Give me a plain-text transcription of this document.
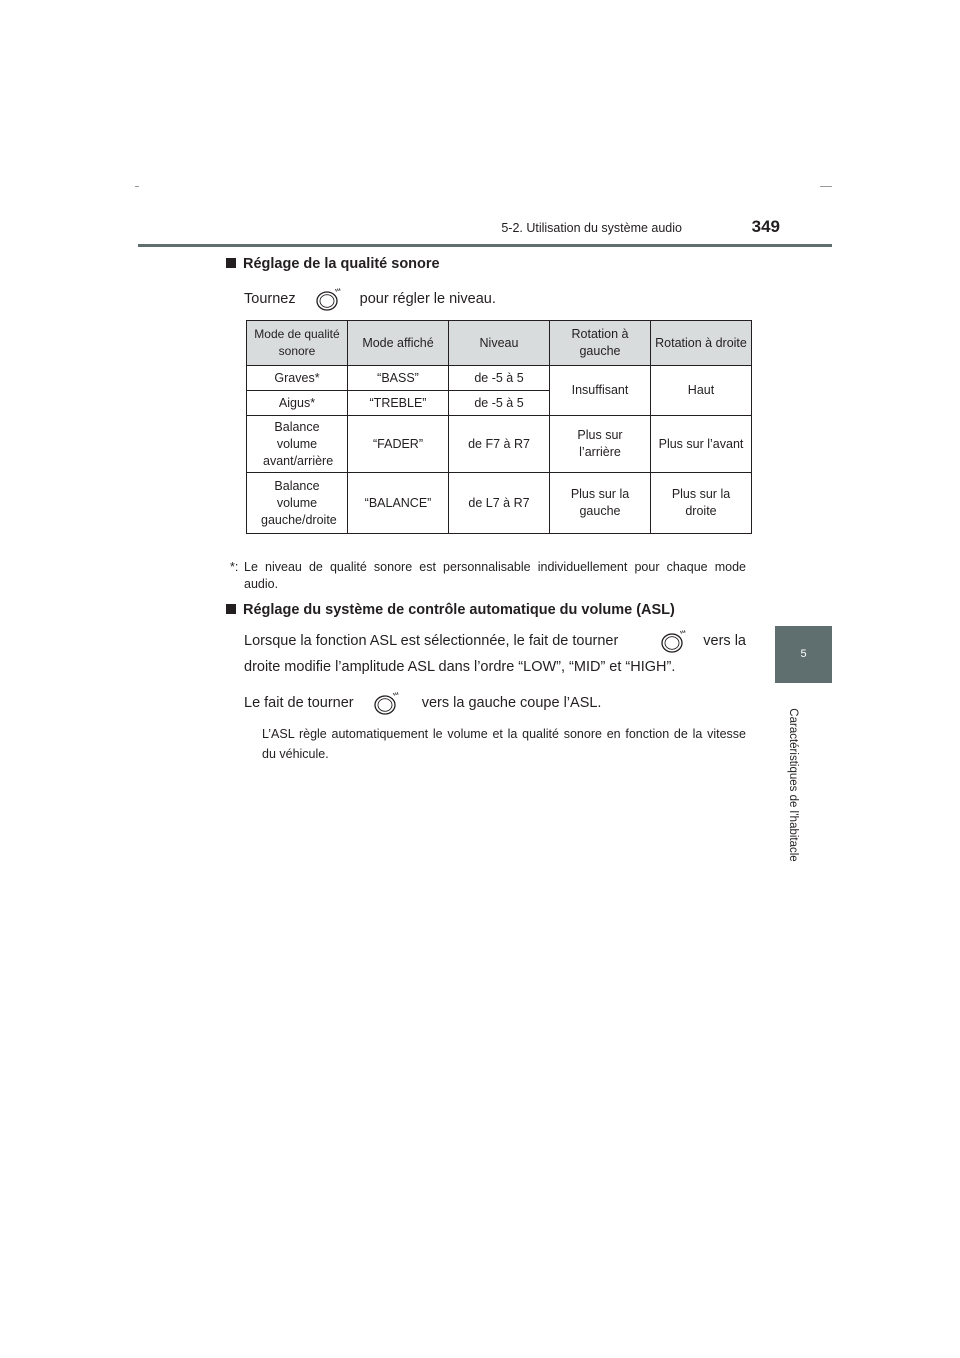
5-2. Utilisation du système audio	349
5
Caractéristiques de l’habitacle
Réglage de la qualité sonore
Tournez	pour régler le niveau.
Mode de qualité sonore	Mode affiché	Niveau	Rotation à gauche	Rotation à droite
Graves*	“BASS”	de -5 à 5	Insuffisant	Haut
Aigus*	“TREBLE”	de -5 à 5		
Balance volume avant/arrière	“FADER”	de F7 à R7	Plus sur l’arrière	Plus sur l’avant
Balance volume gauche/droite	“BALANCE”	de L7 à R7	Plus sur la gauche	Plus sur la droite
*: Le niveau de qualité sonore est personnalisable individuellement pour chaque mode audio.
Réglage du système de contrôle automatique du volume (ASL)
Lorsque la fonction ASL est sélectionnée, le fait de tourner	vers la
droite modifie l’amplitude ASL dans l’ordre “LOW”, “MID” et “HIGH”.
Le fait de tourner	vers la gauche coupe l’ASL.
L’ASL règle automatiquement le volume et la qualité sonore en fonction de la vitesse du véhicule.
